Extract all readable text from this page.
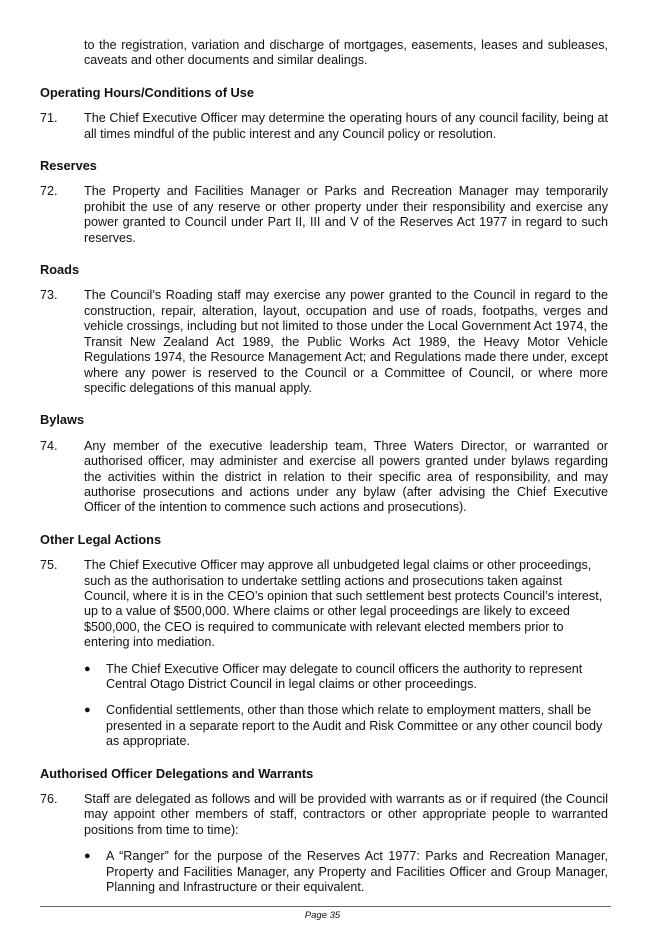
to the registration, variation and discharge of mortgages, easements, leases and subleases, caveats and other documents and similar dealings.

Operating Hours/Conditions of Use

71.	The Chief Executive Officer may determine the operating hours of any council facility, being at all times mindful of the public interest and any Council policy or resolution.

Reserves

72.	The Property and Facilities Manager or Parks and Recreation Manager may temporarily prohibit the use of any reserve or other property under their responsibility and exercise any power granted to Council under Part II, III and V of the Reserves Act 1977 in regard to such reserves.

Roads

73.	The Council’s Roading staff may exercise any power granted to the Council in regard to the construction, repair, alteration, layout, occupation and use of roads, footpaths, verges and vehicle crossings, including but not limited to those under the Local Government Act 1974, the Transit New Zealand Act 1989, the Public Works Act 1989, the Heavy Motor Vehicle Regulations 1974, the Resource Management Act; and Regulations made there under, except where any power is reserved to the Council or a Committee of Council, or where more specific delegations of this manual apply.

Bylaws

74.	Any member of the executive leadership team, Three Waters Director, or warranted or authorised officer, may administer and exercise all powers granted under bylaws regarding the activities within the district in relation to their specific area of responsibility, and may authorise prosecutions and actions under any bylaw (after advising the Chief Executive Officer of the intention to commence such actions and prosecutions).

Other Legal Actions

75.	The Chief Executive Officer may approve all unbudgeted legal claims or other proceedings, such as the authorisation to undertake settling actions and prosecutions taken against Council, where it is in the CEO’s opinion that such settlement best protects Council’s interest, up to a value of $500,000. Where claims or other legal proceedings are likely to exceed $500,000, the CEO is required to communicate with relevant elected members prior to entering into mediation.

●	The Chief Executive Officer may delegate to council officers the authority to represent Central Otago District Council in legal claims or other proceedings.

●	Confidential settlements, other than those which relate to employment matters, shall be presented in a separate report to the Audit and Risk Committee or any other council body as appropriate.

Authorised Officer Delegations and Warrants

76.	Staff are delegated as follows and will be provided with warrants as or if required (the Council may appoint other members of staff, contractors or other appropriate people to warranted positions from time to time):

●	A “Ranger” for the purpose of the Reserves Act 1977: Parks and Recreation Manager, Property and Facilities Manager, any Property and Facilities Officer and Group Manager, Planning and Infrastructure or their equivalent.

Page 35
